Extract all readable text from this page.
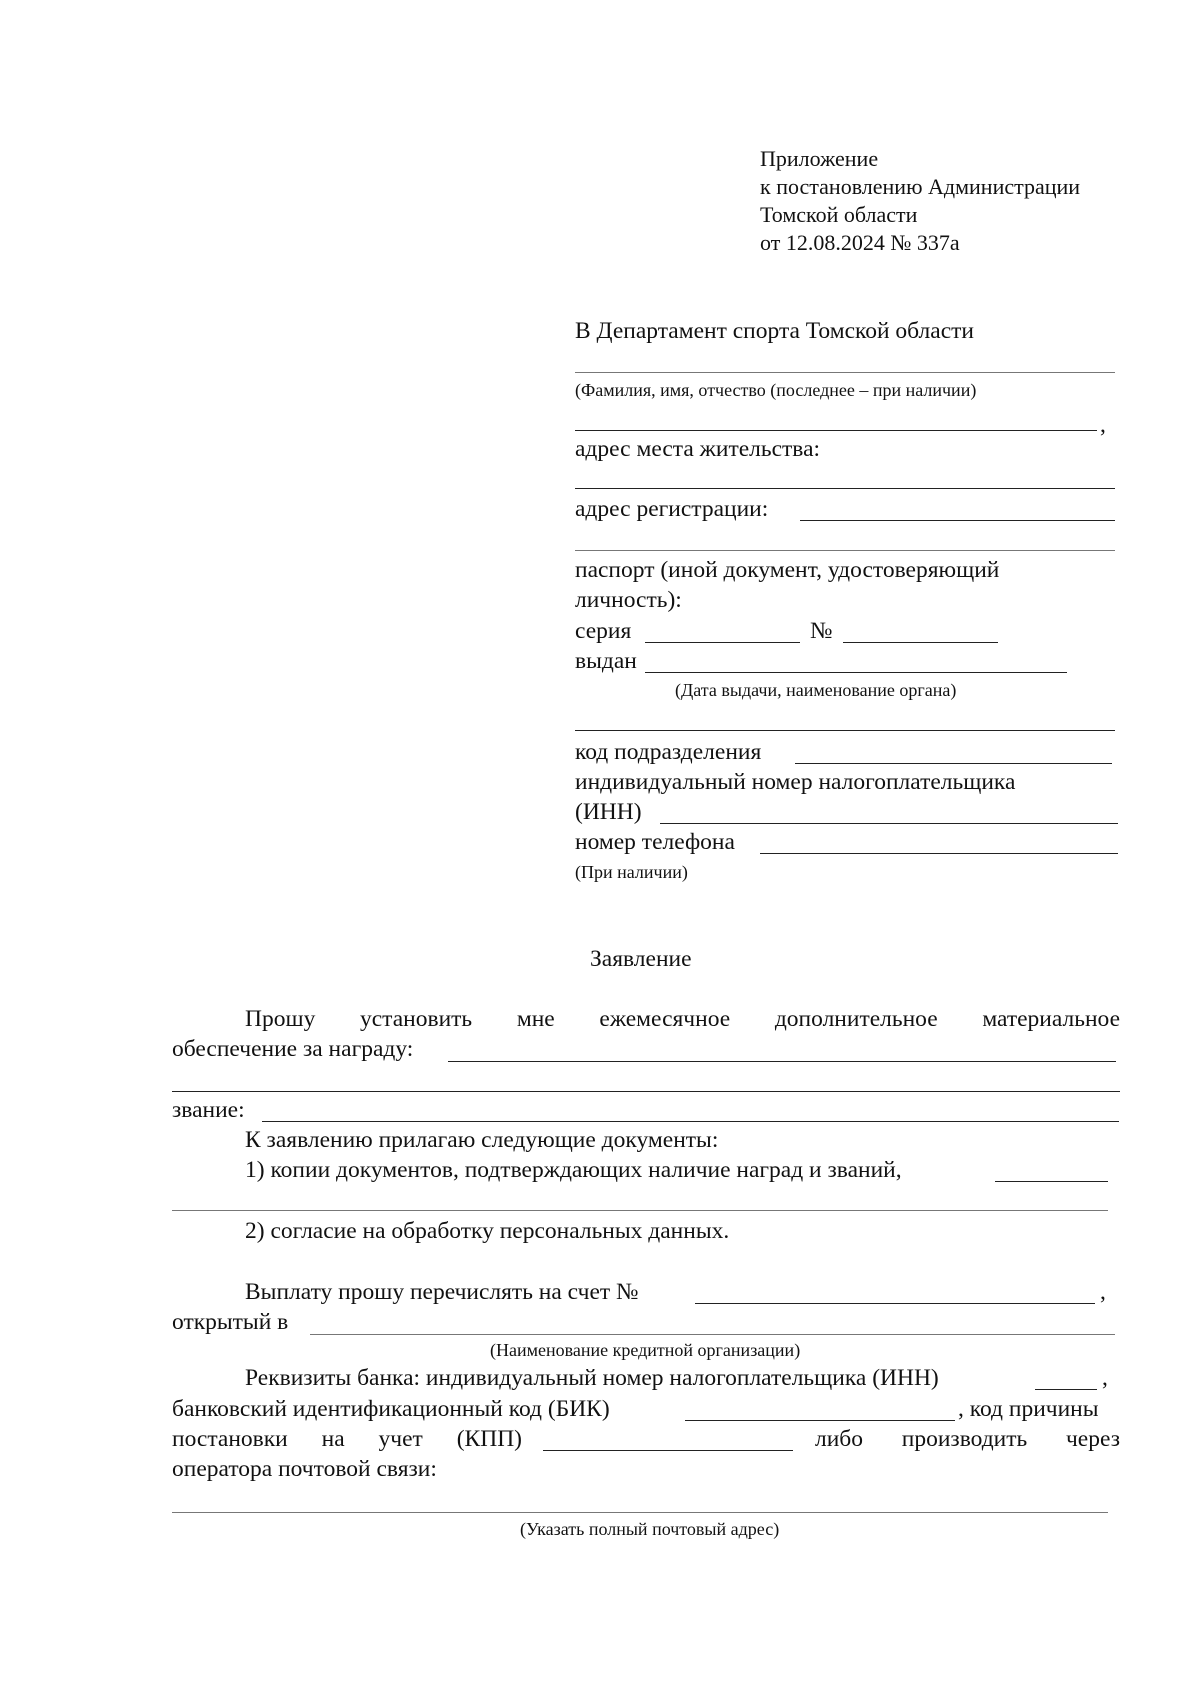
Приложение
к постановлению Администрации
Томской области
от 12.08.2024 № 337а
В Департамент спорта Томской области
(Фамилия, имя, отчество (последнее – при наличии)
,
адрес места жительства:
адрес регистрации:
паспорт (иной документ, удостоверяющий
личность):
серия	№
выдан
(Дата выдачи, наименование органа)
код подразделения
индивидуальный номер налогоплательщика
(ИНН)
номер телефона
(При наличии)
Заявление
Прошу установить мне ежемесячное дополнительное материальное
обеспечение за награду:
звание:
К заявлению прилагаю следующие документы:
1) копии документов, подтверждающих наличие наград и званий,
2) согласие на обработку персональных данных.
Выплату прошу перечислять на счет №	,
открытый в
(Наименование кредитной организации)
Реквизиты банка: индивидуальный номер налогоплательщика (ИНН)	,
банковский идентификационный код (БИК)	, код причины
постановки на учет (КПП)	либо производить через
оператора почтовой связи:
(Указать полный почтовый адрес)
